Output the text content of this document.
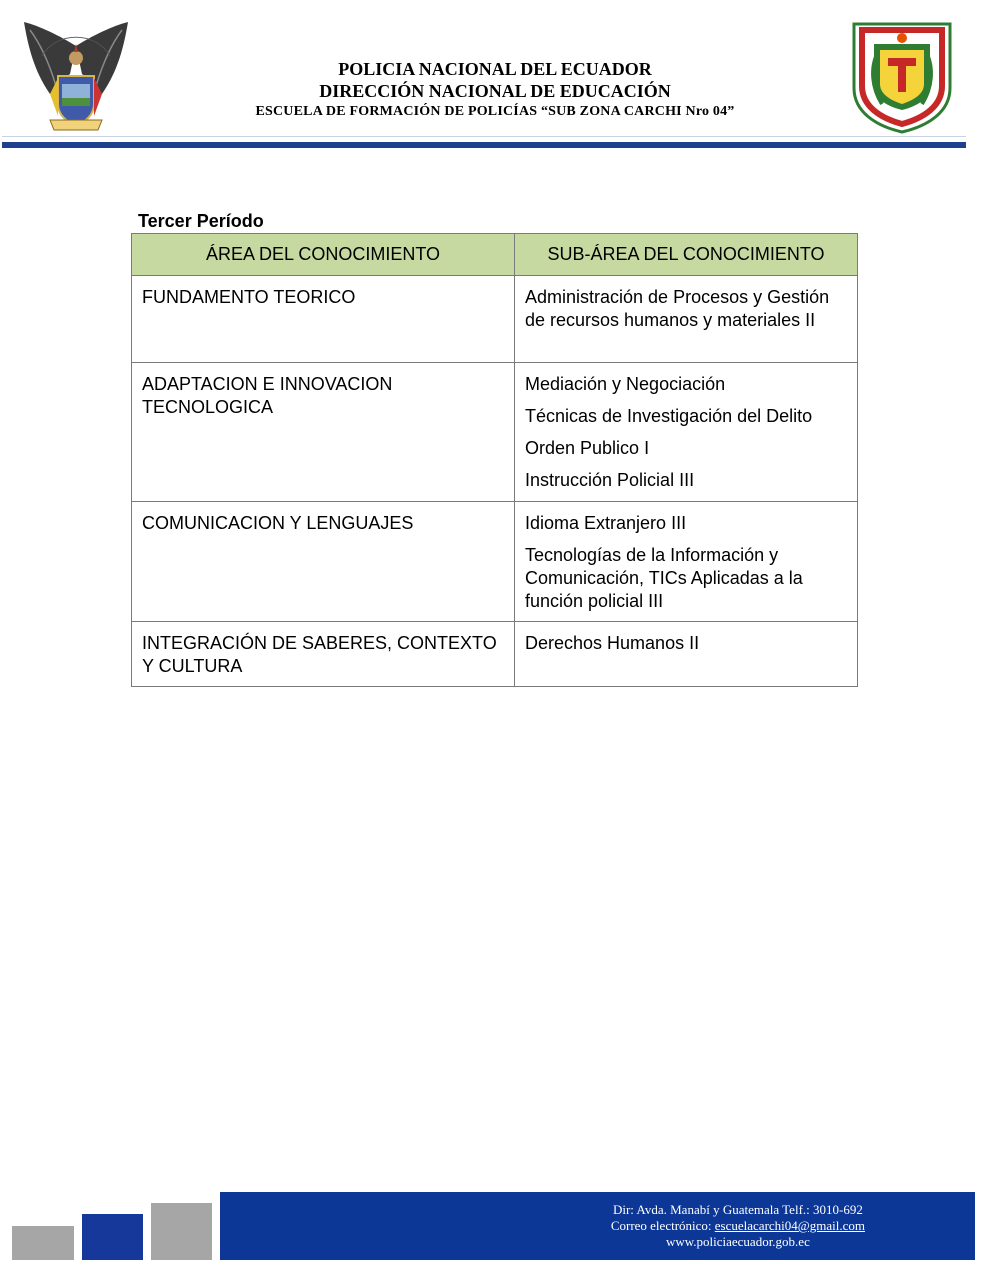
POLICIA NACIONAL DEL ECUADOR
DIRECCIÓN NACIONAL DE EDUCACIÓN
ESCUELA DE FORMACIÓN DE POLICÍAS “SUB ZONA CARCHI Nro 04”
Tercer Período
ÁREA DEL CONOCIMIENTO	SUB-ÁREA DEL CONOCIMIENTO
FUNDAMENTO TEORICO	Administración de Procesos y Gestión de recursos humanos y materiales II

ADAPTACION E INNOVACION TECNOLOGICA	Mediación y Negociación
Técnicas de Investigación del Delito
Orden Publico I
Instrucción Policial III

COMUNICACION Y LENGUAJES	Idioma Extranjero III
Tecnologías de la Información y Comunicación, TICs Aplicadas a la función policial III

INTEGRACIÓN DE SABERES, CONTEXTO Y CULTURA	Derechos Humanos II
Dir: Avda. Manabí y Guatemala Telf.: 3010-692
Correo electrónico: escuelacarchi04@gmail.com
www.policiaecuador.gob.ec
